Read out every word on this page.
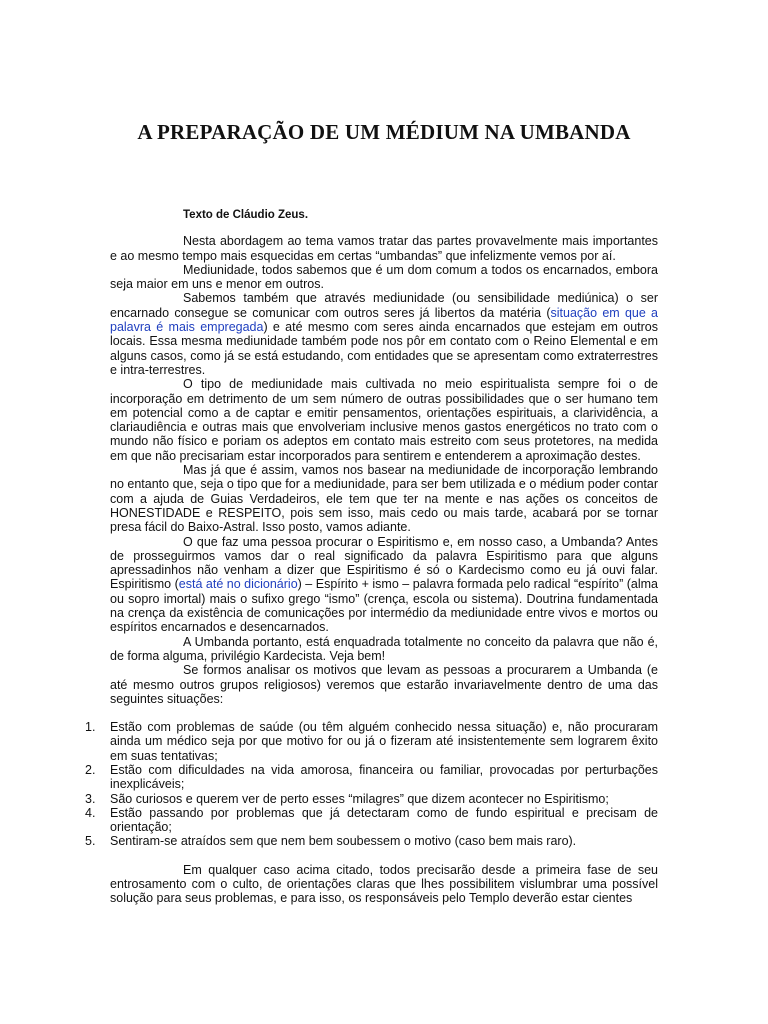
A PREPARAÇÃO DE UM MÉDIUM NA UMBANDA
Texto de Cláudio Zeus.

Nesta abordagem ao tema vamos tratar das partes provavelmente mais importantes e ao mesmo tempo mais esquecidas em certas “umbandas” que infelizmente vemos por aí.

Mediunidade, todos sabemos que é um dom comum a todos os encarnados, embora seja maior em uns e menor em outros.

Sabemos também que através mediunidade (ou sensibilidade mediúnica) o ser encarnado consegue se comunicar com outros seres já libertos da matéria (situação em que a palavra é mais empregada) e até mesmo com seres ainda encarnados que estejam em outros locais. Essa mesma mediunidade também pode nos pôr em contato com o Reino Elemental e em alguns casos, como já se está estudando, com entidades que se apresentam como extraterrestres e intra-terrestres.

O tipo de mediunidade mais cultivada no meio espiritualista sempre foi o de incorporação em detrimento de um sem número de outras possibilidades que o ser humano tem em potencial como a de captar e emitir pensamentos, orientações espirituais, a clarividência, a clariaudiência e outras mais que envolveriam inclusive menos gastos energéticos no trato com o mundo não físico e poriam os adeptos em contato mais estreito com seus protetores, na medida em que não precisariam estar incorporados para sentirem e entenderem a aproximação destes.

Mas já que é assim, vamos nos basear na mediunidade de incorporação lembrando no entanto que, seja o tipo que for a mediunidade, para ser bem utilizada e o médium poder contar com a ajuda de Guias Verdadeiros, ele tem que ter na mente e nas ações os conceitos de HONESTIDADE e RESPEITO, pois sem isso, mais cedo ou mais tarde, acabará por se tornar presa fácil do Baixo-Astral. Isso posto, vamos adiante.

O que faz uma pessoa procurar o Espiritismo e, em nosso caso, a Umbanda? Antes de prosseguirmos vamos dar o real significado da palavra Espiritismo para que alguns apressadinhos não venham a dizer que Espiritismo é só o Kardecismo como eu já ouvi falar. Espiritismo (está até no dicionário) – Espírito + ismo – palavra formada pelo radical “espírito” (alma ou sopro imortal) mais o sufixo grego “ismo” (crença, escola ou sistema). Doutrina fundamentada na crença da existência de comunicações por intermédio da mediunidade entre vivos e mortos ou espíritos encarnados e desencarnados.

A Umbanda portanto, está enquadrada totalmente no conceito da palavra que não é, de forma alguma, privilégio Kardecista. Veja bem!

Se formos analisar os motivos que levam as pessoas a procurarem a Umbanda (e até mesmo outros grupos religiosos) veremos que estarão invariavelmente dentro de uma das seguintes situações:

1. Estão com problemas de saúde (ou têm alguém conhecido nessa situação) e, não procuraram ainda um médico seja por que motivo for ou já o fizeram até insistentemente sem lograrem êxito em suas tentativas;
2. Estão com dificuldades na vida amorosa, financeira ou familiar, provocadas por perturbações inexplicáveis;
3. São curiosos e querem ver de perto esses “milagres” que dizem acontecer no Espiritismo;
4. Estão passando por problemas que já detectaram como de fundo espiritual e precisam de orientação;
5. Sentiram-se atraídos sem que nem bem soubessem o motivo (caso bem mais raro).

Em qualquer caso acima citado, todos precisarão desde a primeira fase de seu entrosamento com o culto, de orientações claras que lhes possibilitem vislumbrar uma possível solução para seus problemas, e para isso, os responsáveis pelo Templo deverão estar cientes
